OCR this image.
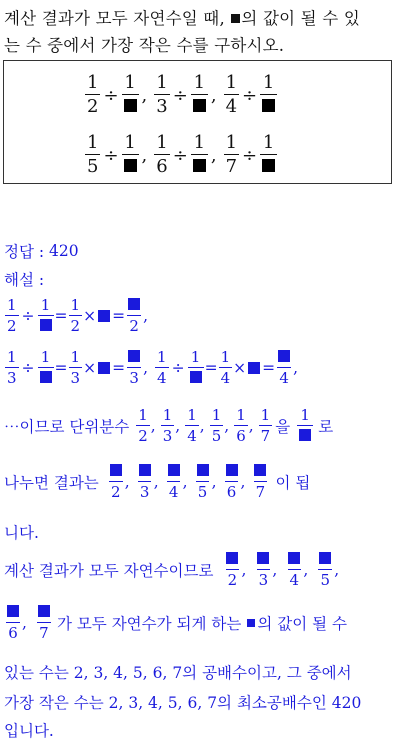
계산 결과가 모두 자연수일 때, 의 값이 될 수 있
는 수 중에서 가장 작은 수를 구하시오.
$\frac{1}{2}$ ÷
1
, $\frac{1}{3}$ ÷
1
, $\frac{1}{4}$ ÷
1
$\frac{1}{5}$ ÷
1
, $\frac{1}{6}$ ÷
1
, $\frac{1}{7}$ ÷
1
정답 :
420
해설 :
$\frac{1}{2}$ ÷
1
= $\frac{1}{2}$ × =
2
,
$\frac{1}{3}$ ÷
1
= $\frac{1}{3}$ × =
3
, $\frac{1}{4}$ ÷
1
= $\frac{1}{4}$ × =
4
,
⋯이므로 단위분수 $\frac{1}{2}$ , $\frac{1}{3}$ , $\frac{1}{4}$ , $\frac{1}{5}$ , $\frac{1}{6}$ , $\frac{1}{7}$ 을
1
로
나누면 결과는 2
,
3
,
4
,
5
,
6
,
7 이 됩
니다.
계산 결과가 모두 자연수이므로 2
,
3
,
4
,
5
,
6
,
7 가 모두 자연수가 되게 하는 의 값이 될 수
있는 수는 2, 3, 4, 5, 6, 7의 공배수이고, 그 중에서
가장 작은 수는 2, 3, 4, 5, 6, 7의 최소공배수인 420
입니다.
